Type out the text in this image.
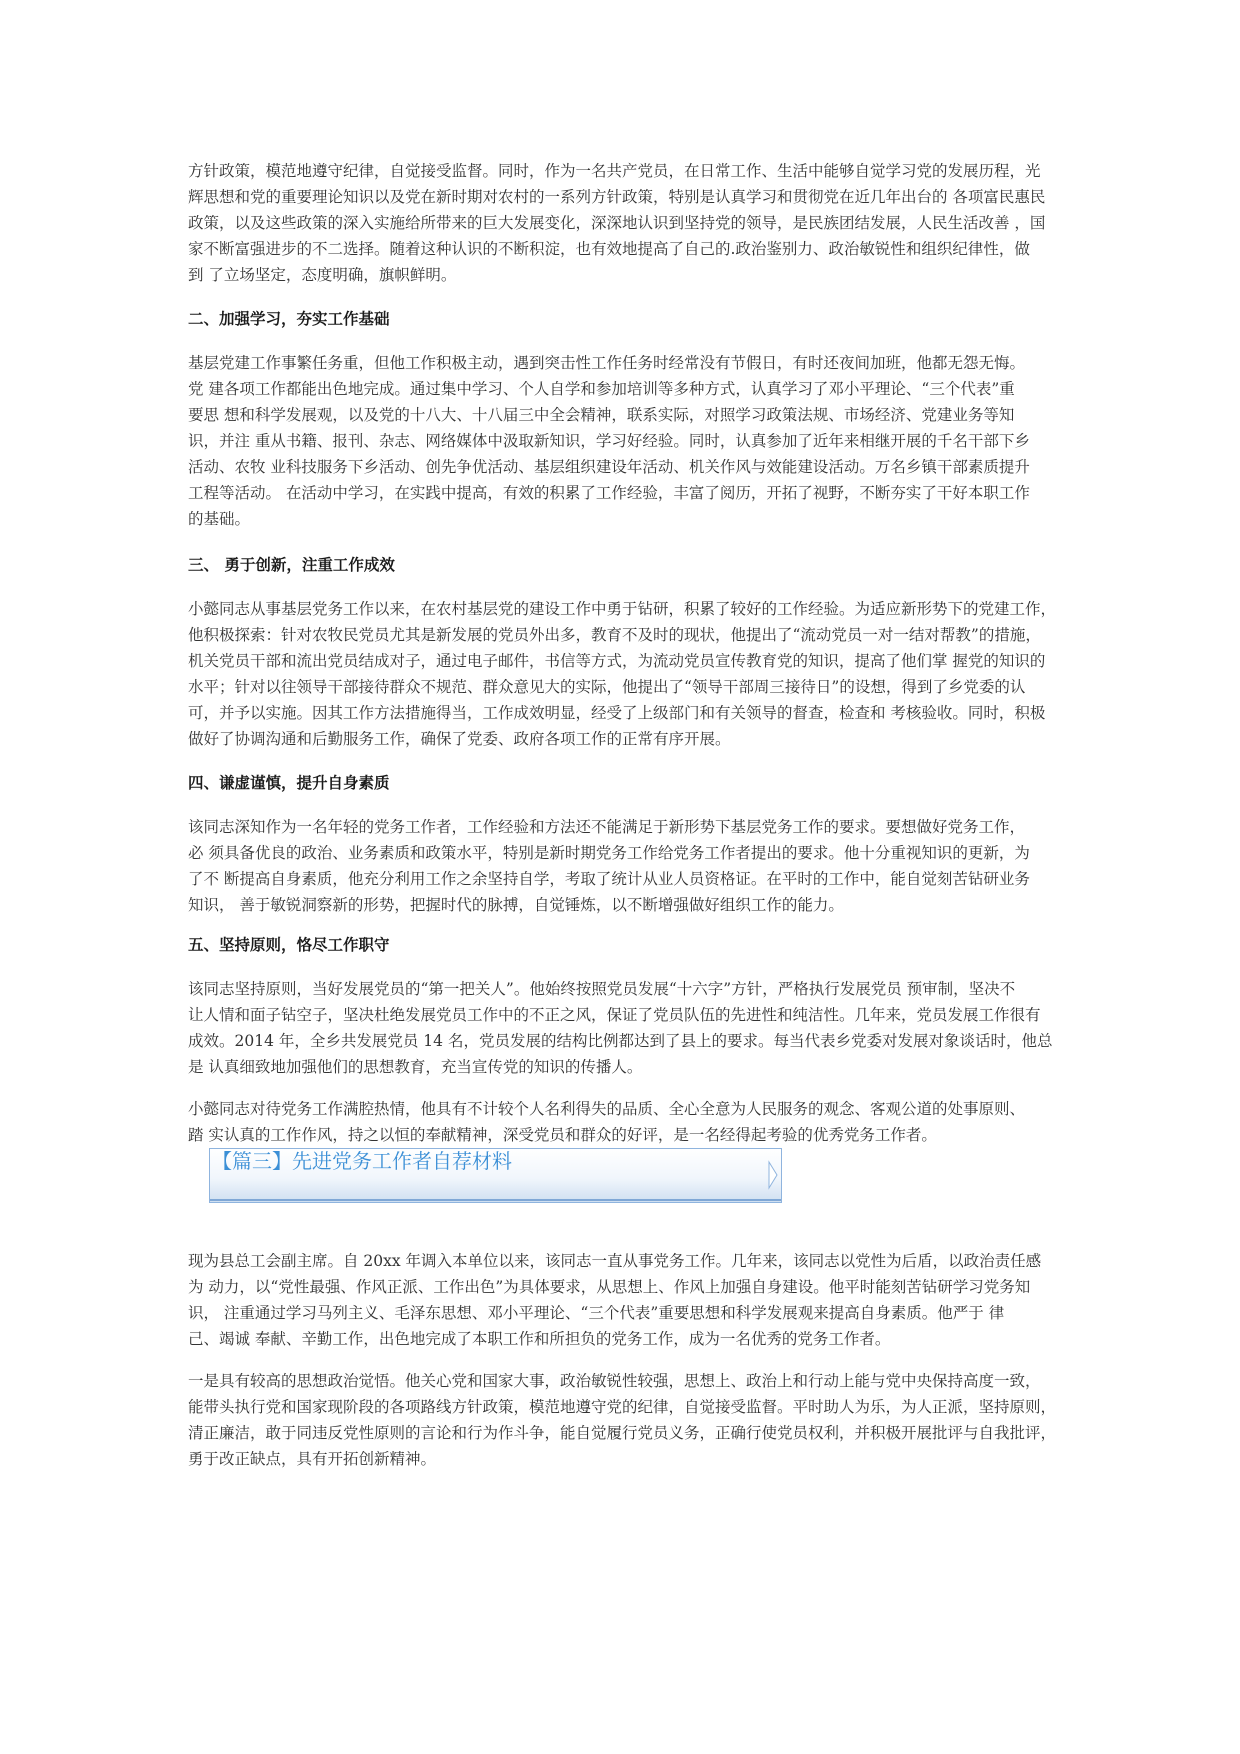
方针政策，模范地遵守纪律，自觉接受监督。同时，作为一名共产党员，在日常工作、生活中能够自觉学习党的发展历程，光
辉思想和党的重要理论知识以及党在新时期对农村的一系列方针政策，特别是认真学习和贯彻党在近几年出台的 各项富民惠民
政策，以及这些政策的深入实施给所带来的巨大发展变化，深深地认识到坚持党的领导，是民族团结发展，人民生活改善 ，国
家不断富强进步的不二选择。随着这种认识的不断积淀，也有效地提高了自己的.政治鉴别力、政治敏锐性和组织纪律性，做
到 了立场坚定，态度明确，旗帜鲜明。

二、加强学习，夯实工作基础

基层党建工作事繁任务重，但他工作积极主动，遇到突击性工作任务时经常没有节假日，有时还夜间加班，他都无怨无悔。
党 建各项工作都能出色地完成。通过集中学习、个人自学和参加培训等多种方式，认真学习了邓小平理论、“三个代表”重
要思 想和科学发展观，以及党的十八大、十八届三中全会精神，联系实际，对照学习政策法规、市场经济、党建业务等知
识，并注 重从书籍、报刊、杂志、网络媒体中汲取新知识，学习好经验。同时，认真参加了近年来相继开展的千名干部下乡
活动、农牧 业科技服务下乡活动、创先争优活动、基层组织建设年活动、机关作风与效能建设活动。万名乡镇干部素质提升
工程等活动。 在活动中学习，在实践中提高，有效的积累了工作经验，丰富了阅历，开拓了视野，不断夯实了干好本职工作
的基础。

三、 勇于创新，注重工作成效

小懿同志从事基层党务工作以来，在农村基层党的建设工作中勇于钻研，积累了较好的工作经验。为适应新形势下的党建工作，
他积极探索：针对农牧民党员尤其是新发展的党员外出多，教育不及时的现状，他提出了“流动党员一对一结对帮教”的措施，
机关党员干部和流出党员结成对子，通过电子邮件，书信等方式，为流动党员宣传教育党的知识，提高了他们掌 握党的知识的
水平；针对以往领导干部接待群众不规范、群众意见大的实际，他提出了“领导干部周三接待日”的设想，得到了乡党委的认
可，并予以实施。因其工作方法措施得当，工作成效明显，经受了上级部门和有关领导的督查，检查和 考核验收。同时，积极
做好了协调沟通和后勤服务工作，确保了党委、政府各项工作的正常有序开展。

四、谦虚谨慎，提升自身素质

该同志深知作为一名年轻的党务工作者，工作经验和方法还不能满足于新形势下基层党务工作的要求。要想做好党务工作，
必 须具备优良的政治、业务素质和政策水平，特别是新时期党务工作给党务工作者提出的要求。他十分重视知识的更新，为
了不 断提高自身素质，他充分利用工作之余坚持自学，考取了统计从业人员资格证。在平时的工作中，能自觉刻苦钻研业务
知识， 善于敏锐洞察新的形势，把握时代的脉搏，自觉锤炼，以不断增强做好组织工作的能力。

五、坚持原则，恪尽工作职守

该同志坚持原则，当好发展党员的“第一把关人”。他始终按照党员发展“十六字”方针，严格执行发展党员 预审制，坚决不
让人情和面子钻空子，坚决杜绝发展党员工作中的不正之风，保证了党员队伍的先进性和纯洁性。几年来，党员发展工作很有
成效。2014 年，全乡共发展党员 14 名，党员发展的结构比例都达到了县上的要求。每当代表乡党委对发展对象谈话时，他总
是 认真细致地加强他们的思想教育，充当宣传党的知识的传播人。

小懿同志对待党务工作满腔热情，他具有不计较个人名利得失的品质、全心全意为人民服务的观念、客观公道的处事原则、
踏 实认真的工作作风，持之以恒的奉献精神，深受党员和群众的好评，是一名经得起考验的优秀党务工作者。

【篇三】先进党务工作者自荐材料

现为县总工会副主席。自 20xx 年调入本单位以来，该同志一直从事党务工作。几年来，该同志以党性为后盾，以政治责任感
为 动力，以“党性最强、作风正派、工作出色”为具体要求，从思想上、作风上加强自身建设。他平时能刻苦钻研学习党务知
识， 注重通过学习马列主义、毛泽东思想、邓小平理论、“三个代表”重要思想和科学发展观来提高自身素质。他严于 律
己、竭诚 奉献、辛勤工作，出色地完成了本职工作和所担负的党务工作，成为一名优秀的党务工作者。

一是具有较高的思想政治觉悟。他关心党和国家大事，政治敏锐性较强，思想上、政治上和行动上能与党中央保持高度一致，
能带头执行党和国家现阶段的各项路线方针政策，模范地遵守党的纪律，自觉接受监督。平时助人为乐，为人正派，坚持原则，
清正廉洁，敢于同违反党性原则的言论和行为作斗争，能自觉履行党员义务，正确行使党员权利，并积极开展批评与自我批评，
勇于改正缺点，具有开拓创新精神。
